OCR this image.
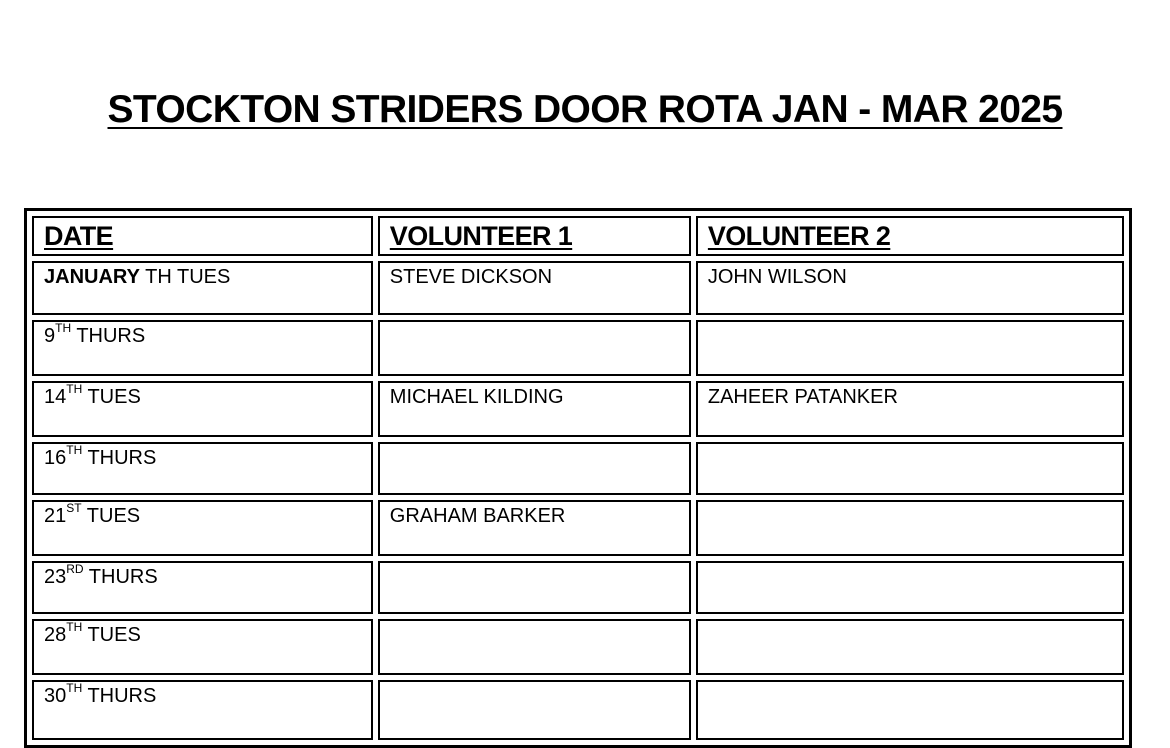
STOCKTON STRIDERS DOOR ROTA JAN - MAR 2025
DATE	VOLUNTEER 1	VOLUNTEER 2
JANUARY TH TUES	STEVE DICKSON	JOHN WILSON
9TH THURS		
14TH TUES	MICHAEL KILDING	ZAHEER PATANKER
16TH THURS		
21ST TUES	GRAHAM BARKER	
23RD THURS		
28TH TUES		
30TH THURS		
